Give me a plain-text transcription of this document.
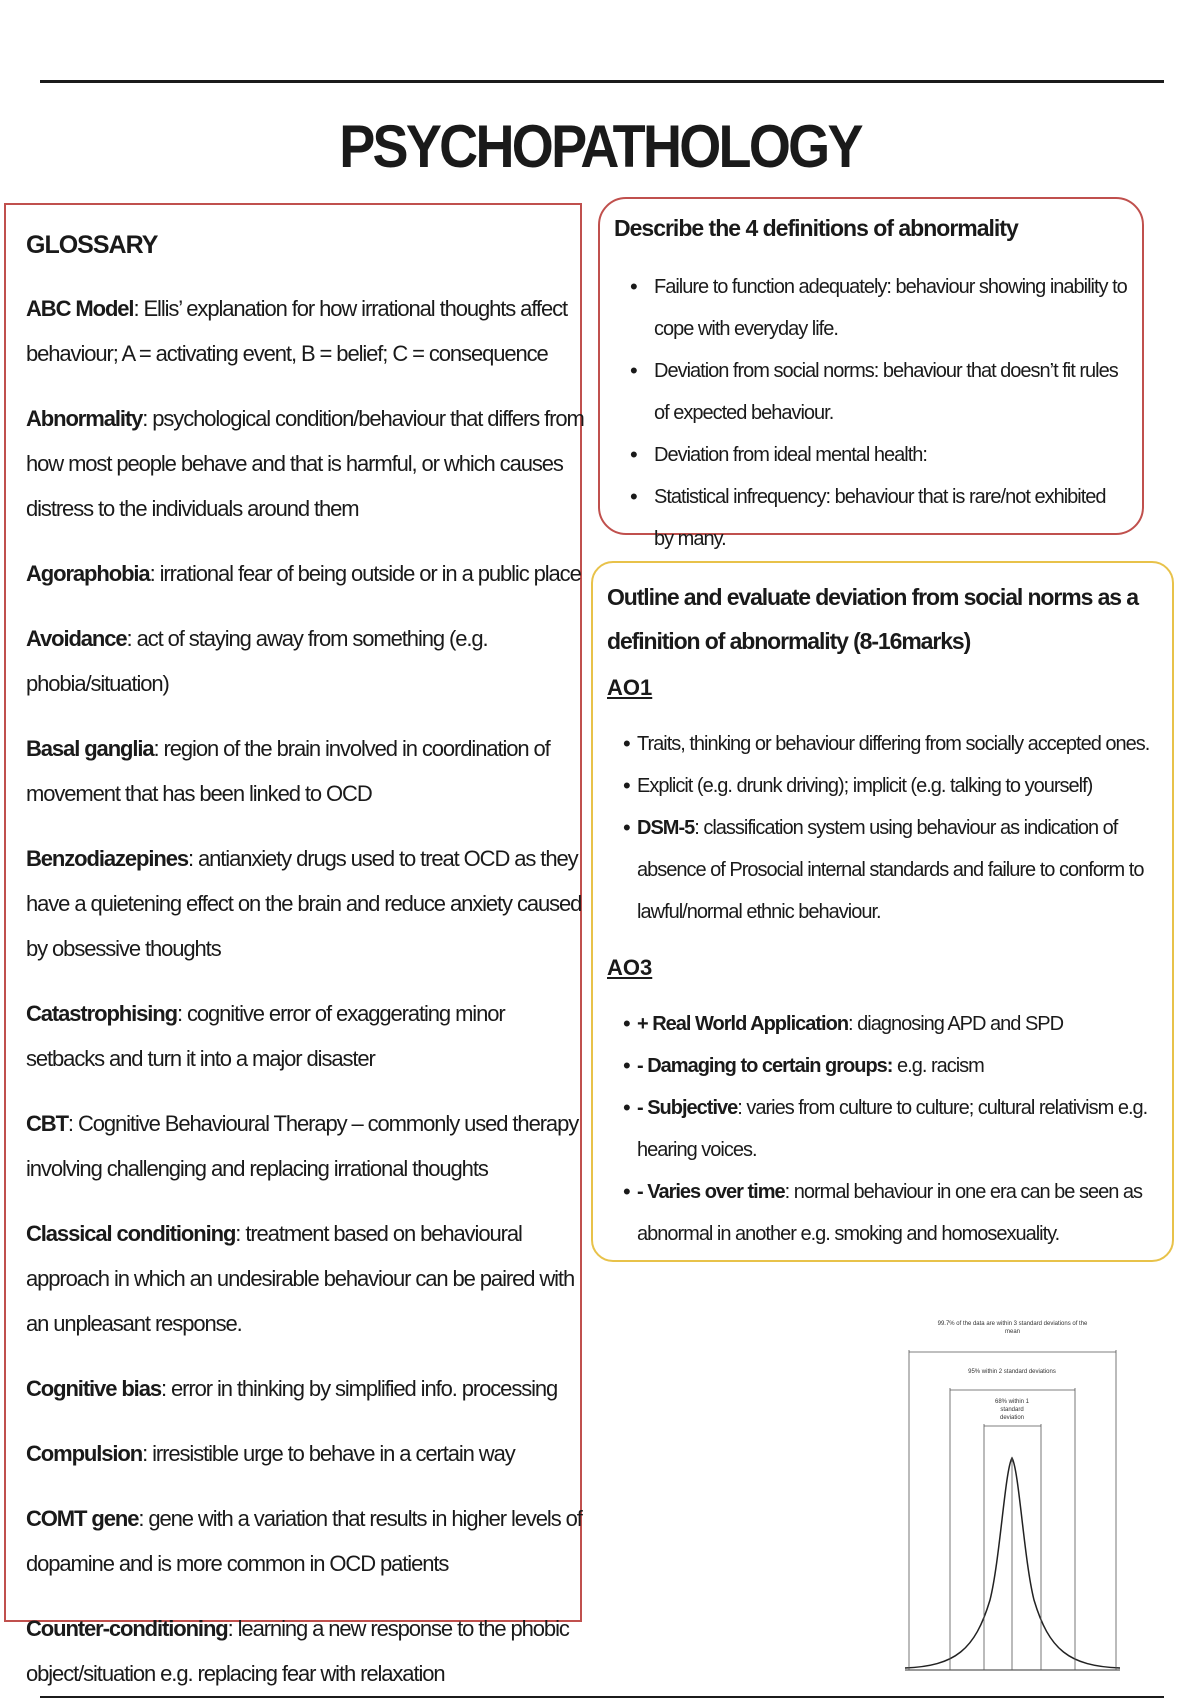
PSYCHOPATHOLOGY
GLOSSARY
ABC Model: Ellis’ explanation for how irrational thoughts affect behaviour; A = activating event, B = belief; C = consequence
Abnormality: psychological condition/behaviour that differs from how most people behave and that is harmful, or which causes distress to the individuals around them
Agoraphobia: irrational fear of being outside or in a public place
Avoidance: act of staying away from something (e.g. phobia/situation)
Basal ganglia: region of the brain involved in coordination of movement that has been linked to OCD
Benzodiazepines: antianxiety drugs used to treat OCD as they have a quietening effect on the brain and reduce anxiety caused by obsessive thoughts
Catastrophising: cognitive error of exaggerating minor setbacks and turn it into a major disaster
CBT: Cognitive Behavioural Therapy – commonly used therapy involving challenging and replacing irrational thoughts
Classical conditioning: treatment based on behavioural approach in which an undesirable behaviour can be paired with an unpleasant response.
Cognitive bias: error in thinking by simplified info. processing
Compulsion: irresistible urge to behave in a certain way
COMT gene: gene with a variation that results in higher levels of dopamine and is more common in OCD patients
Counter-conditioning: learning a new response to the phobic object/situation e.g. replacing fear with relaxation
Describe the 4 definitions of abnormality
• Failure to function adequately: behaviour showing inability to cope with everyday life.
• Deviation from social norms: behaviour that doesn’t fit rules of expected behaviour.
• Deviation from ideal mental health:
• Statistical infrequency: behaviour that is rare/not exhibited by many.
Outline and evaluate deviation from social norms as a definition of abnormality (8-16marks)
AO1
• Traits, thinking or behaviour differing from socially accepted ones.
• Explicit (e.g. drunk driving); implicit (e.g. talking to yourself)
• DSM-5: classification system using behaviour as indication of absence of Prosocial internal standards and failure to conform to lawful/normal ethnic behaviour.
AO3
• + Real World Application: diagnosing APD and SPD
• - Damaging to certain groups: e.g. racism
• - Subjective: varies from culture to culture; cultural relativism e.g. hearing voices.
• - Varies over time: normal behaviour in one era can be seen as abnormal in another e.g. smoking and homosexuality.
99.7% of the data are within 3 standard deviations of the mean
95% within 2 standard deviations
68% within 1 standard deviation
